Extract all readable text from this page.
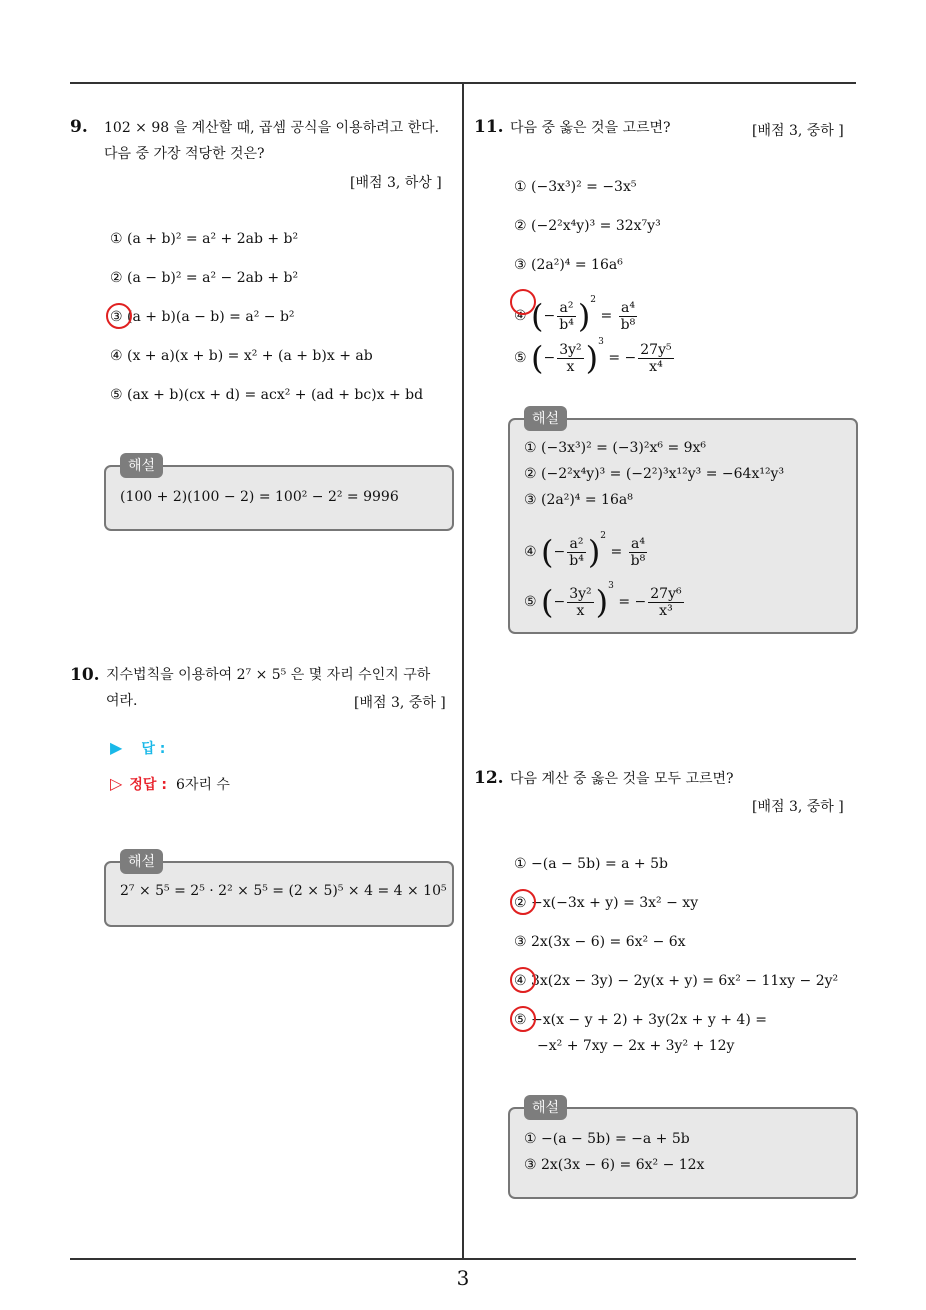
9. 102 × 98 을 계산할 때, 곱셈 공식을 이용하려고 한다.
다음 중 가장 적당한 것은?
[배점 3, 하상 ]
① (a + b)² = a² + 2ab + b²
② (a − b)² = a² − 2ab + b²
③ (a + b)(a − b) = a² − b²
④ (x + a)(x + b) = x² + (a + b)x + ab
⑤ (ax + b)(cx + d) = acx² + (ad + bc)x + bd
(100 + 2)(100 − 2) = 100² − 2² = 9996
해설
10. 지수법칙을 이용하여 2⁷ × 5⁵ 은 몇 자리 수인지 구하
여라.	[배점 3, 중하 ]
▶ 답 :
▷ 정답 : 6자리 수
2⁷ × 5⁵ = 2⁵ · 2² × 5⁵ = (2 × 5)⁵ × 4 = 4 × 10⁵
해설
11. 다음 중 옳은 것을 고르면?	[배점 3, 중하 ]
① (−3x³)² = −3x⁵
② (−2²x⁴y)³ = 32x⁷y³
③ (2a²)⁴ = 16a⁶
④ (− $\frac{\text{a²}}{\text{b⁴}} )^2 = \frac{\text{a⁴}}{\text{b⁸}}$
⑤ (− $\frac{\text{3y²}}{x} )^3$ = − $\frac{\text{27y⁵}}{\text{x⁴}}$
① (−3x³)² = (−3)²x⁶ = 9x⁶
② (−2²x⁴y)³ = (−2²)³x¹²y³ = −64x¹²y³
③ (2a²)⁴ = 16a⁸
④ (− $\frac{\text{a²}}{\text{b⁴}} )^2 = \frac{\text{a⁴}}{\text{b⁸}}$
⑤ (− $\frac{\text{3y²}}{x} )^3$ = − $\frac{\text{27y⁶}}{\text{x³}}$
해설
12. 다음 계산 중 옳은 것을 모두 고르면?
[배점 3, 중하 ]
① −(a − 5b) = a + 5b
② −x(−3x + y) = 3x² − xy
③ 2x(3x − 6) = 6x² − 6x
④ 3x(2x − 3y) − 2y(x + y) = 6x² − 11xy − 2y²
⑤ −x(x − y + 2) + 3y(2x + y + 4) =
−x² + 7xy − 2x + 3y² + 12y
① −(a − 5b) = −a + 5b
③ 2x(3x − 6) = 6x² − 12x
해설
3
